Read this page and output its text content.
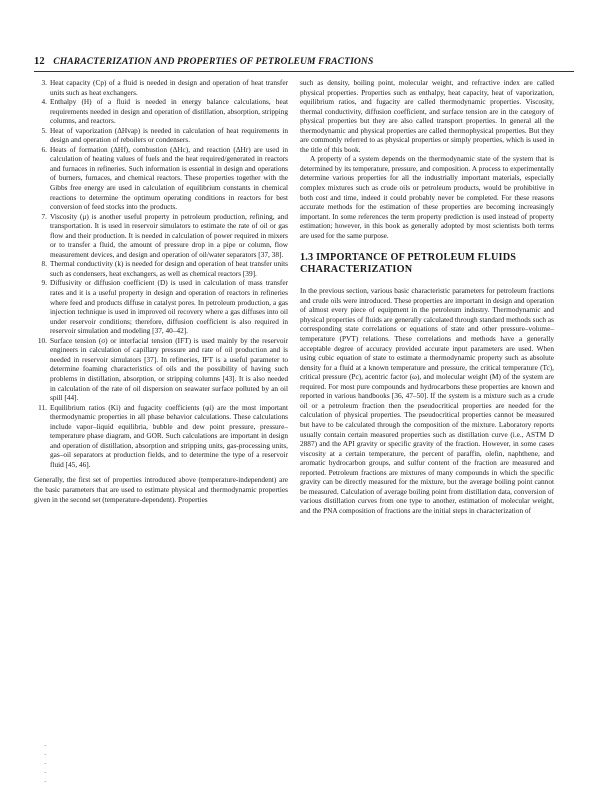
12 CHARACTERIZATION AND PROPERTIES OF PETROLEUM FRACTIONS
3. Heat capacity (Cp) of a fluid is needed in design and operation of heat transfer units such as heat exchangers.
4. Enthalpy (H) of a fluid is needed in energy balance calculations, heat requirements needed in design and operation of distillation, absorption, stripping columns, and reactors.
5. Heat of vaporization (ΔHvap) is needed in calculation of heat requirements in design and operation of reboilers or condensers.
6. Heats of formation (ΔHf), combustion (ΔHc), and reaction (ΔHr) are used in calculation of heating values of fuels and the heat required/generated in reactors and furnaces in refineries. Such information is essential in design and operations of burners, furnaces, and chemical reactors. These properties together with the Gibbs free energy are used in calculation of equilibrium constants in chemical reactions to determine the optimum operating conditions in reactors for best conversion of feed stocks into the products.
7. Viscosity (μ) is another useful property in petroleum production, refining, and transportation. It is used in reservoir simulators to estimate the rate of oil or gas flow and their production. It is needed in calculation of power required in mixers or to transfer a fluid, the amount of pressure drop in a pipe or column, flow measurement devices, and design and operation of oil/water separators [37, 38].
8. Thermal conductivity (k) is needed for design and operation of heat transfer units such as condensers, heat exchangers, as well as chemical reactors [39].
9. Diffusivity or diffusion coefficient (D) is used in calculation of mass transfer rates and it is a useful property in design and operation of reactors in refineries where feed and products diffuse in catalyst pores. In petroleum production, a gas injection technique is used in improved oil recovery where a gas diffuses into oil under reservoir conditions; therefore, diffusion coefficient is also required in reservoir simulation and modeling [37, 40–42].
10. Surface tension (σ) or interfacial tension (IFT) is used mainly by the reservoir engineers in calculation of capillary pressure and rate of oil production and is needed in reservoir simulators [37]. In refineries, IFT is a useful parameter to determine foaming characteristics of oils and the possibility of having such problems in distillation, absorption, or stripping columns [43]. It is also needed in calculation of the rate of oil dispersion on seawater surface polluted by an oil spill [44].
11. Equilibrium ratios (Ki) and fugacity coefficients (φi) are the most important thermodynamic properties in all phase behavior calculations. These calculations include vapor–liquid equilibria, bubble and dew point pressure, pressure–temperature phase diagram, and GOR. Such calculations are important in design and operation of distillation, absorption and stripping units, gas-processing units, gas–oil separators at production fields, and to determine the type of a reservoir fluid [45, 46].

Generally, the first set of properties introduced above (temperature-independent) are the basic parameters that are used to estimate physical and thermodynamic properties given in the second set (temperature-dependent). Properties

such as density, boiling point, molecular weight, and refractive index are called physical properties. Properties such as enthalpy, heat capacity, heat of vaporization, equilibrium ratios, and fugacity are called thermodynamic properties. Viscosity, thermal conductivity, diffusion coefficient, and surface tension are in the category of physical properties but they are also called transport properties. In general all the thermodynamic and physical properties are called thermophysical properties. But they are commonly referred to as physical properties or simply properties, which is used in the title of this book.

A property of a system depends on the thermodynamic state of the system that is determined by its temperature, pressure, and composition. A process to experimentally determine various properties for all the industrially important materials, especially complex mixtures such as crude oils or petroleum products, would be prohibitive in both cost and time, indeed it could probably never be completed. For these reasons accurate methods for the estimation of these properties are becoming increasingly important. In some references the term property prediction is used instead of property estimation; however, in this book as generally adopted by most scientists both terms are used for the same purpose.

1.3 IMPORTANCE OF PETROLEUM FLUIDS CHARACTERIZATION

In the previous section, various basic characteristic parameters for petroleum fractions and crude oils were introduced. These properties are important in design and operation of almost every piece of equipment in the petroleum industry. Thermodynamic and physical properties of fluids are generally calculated through standard methods such as corresponding state correlations or equations of state and other pressure–volume–temperature (PVT) relations. These correlations and methods have a generally acceptable degree of accuracy provided accurate input parameters are used. When using cubic equation of state to estimate a thermodynamic property such as absolute density for a fluid at a known temperature and pressure, the critical temperature (Tc), critical pressure (Pc), acentric factor (ω), and molecular weight (M) of the system are required. For most pure compounds and hydrocarbons these properties are known and reported in various handbooks [36, 47–50]. If the system is a mixture such as a crude oil or a petroleum fraction then the pseudocritical properties are needed for the calculation of physical properties. The pseudocritical properties cannot be measured but have to be calculated through the composition of the mixture. Laboratory reports usually contain certain measured properties such as distillation curve (i.e., ASTM D 2887) and the API gravity or specific gravity of the fraction. However, in some cases viscosity at a certain temperature, the percent of paraffin, olefin, naphthene, and aromatic hydrocarbon groups, and sulfur content of the fraction are measured and reported. Petroleum fractions are mixtures of many compounds in which the specific gravity can be directly measured for the mixture, but the average boiling point cannot be measured. Calculation of average boiling point from distillation data, conversion of various distillation curves from one type to another, estimation of molecular weight, and the PNA composition of fractions are the initial steps in characterization of

·
·
·
·
·
